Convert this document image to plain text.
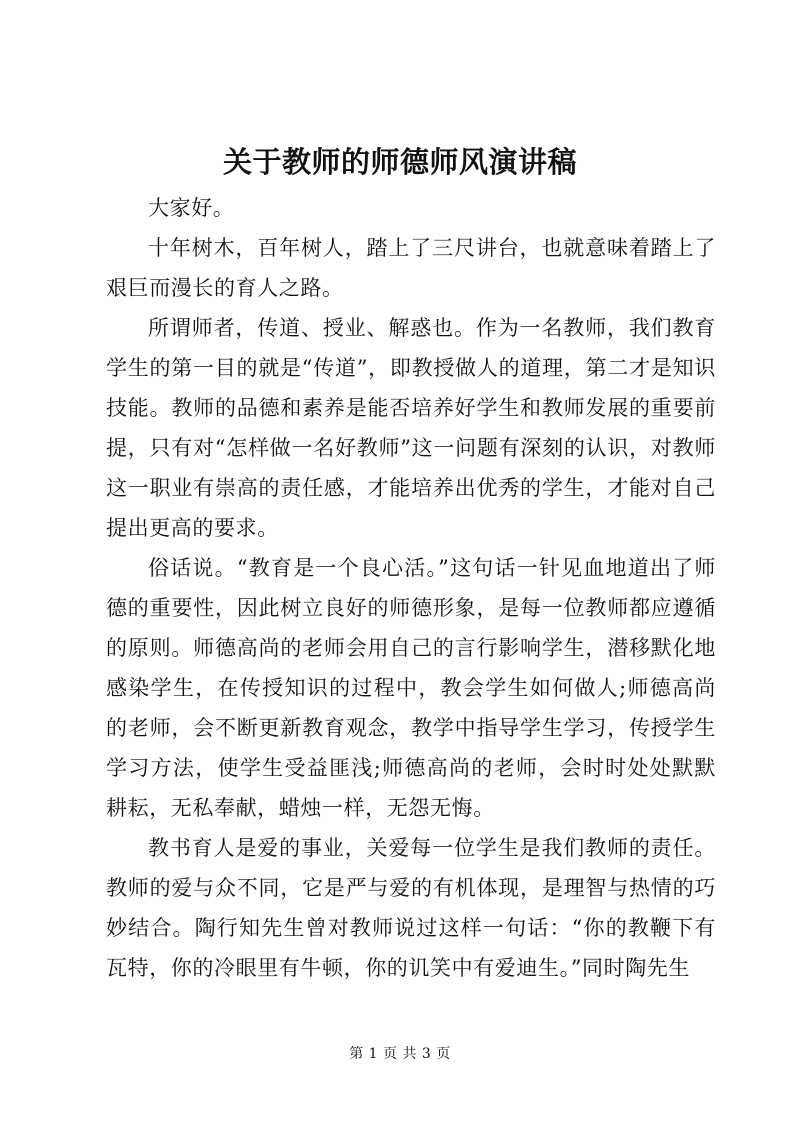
关于教师的师德师风演讲稿

大家好。

十年树木，百年树人，踏上了三尺讲台，也就意味着踏上了艰巨而漫长的育人之路。

所谓师者，传道、授业、解惑也。作为一名教师，我们教育学生的第一目的就是“传道”，即教授做人的道理，第二才是知识技能。教师的品德和素养是能否培养好学生和教师发展的重要前提，只有对“怎样做一名好教师”这一问题有深刻的认识，对教师这一职业有崇高的责任感，才能培养出优秀的学生，才能对自己提出更高的要求。

俗话说。“教育是一个良心活。”这句话一针见血地道出了师德的重要性，因此树立良好的师德形象，是每一位教师都应遵循的原则。师德高尚的老师会用自己的言行影响学生，潜移默化地感染学生，在传授知识的过程中，教会学生如何做人;师德高尚的老师，会不断更新教育观念，教学中指导学生学习，传授学生学习方法，使学生受益匪浅;师德高尚的老师，会时时处处默默耕耘，无私奉献，蜡烛一样，无怨无悔。

教书育人是爱的事业，关爱每一位学生是我们教师的责任。教师的爱与众不同，它是严与爱的有机体现，是理智与热情的巧妙结合。陶行知先生曾对教师说过这样一句话：“你的教鞭下有瓦特，你的冷眼里有牛顿，你的讥笑中有爱迪生。”同时陶先生

第 1 页 共 3 页
